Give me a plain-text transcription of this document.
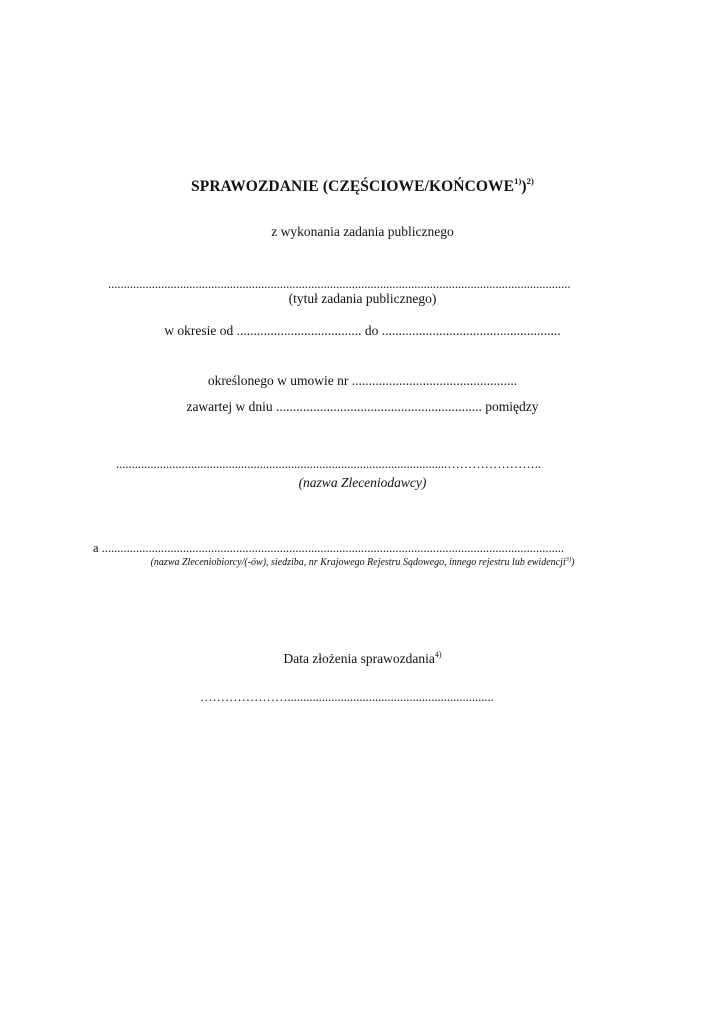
SPRAWOZDANIE (CZĘŚCIOWE/KOŃCOWE$^{1)}$)$^{2)}$
z wykonania zadania publicznego
....................................................................................................................................................
(tytuł zadania publicznego)
w okresie od ..................................... do .....................................................
określonego w umowie nr .................................................
zawartej w dniu ............................................................. pomiędzy
..........................................................................................................…………………..
(nazwa Zleceniodawcy)
a ....................................................................................................................................................
(nazwa Zleceniobiorcy/(-ów), siedziba, nr Krajowego Rejestru Sądowego, innego rejestru lub ewidencji$^{3)}$)
Data złożenia sprawozdania$^{4)}$
…………………..................................................................
